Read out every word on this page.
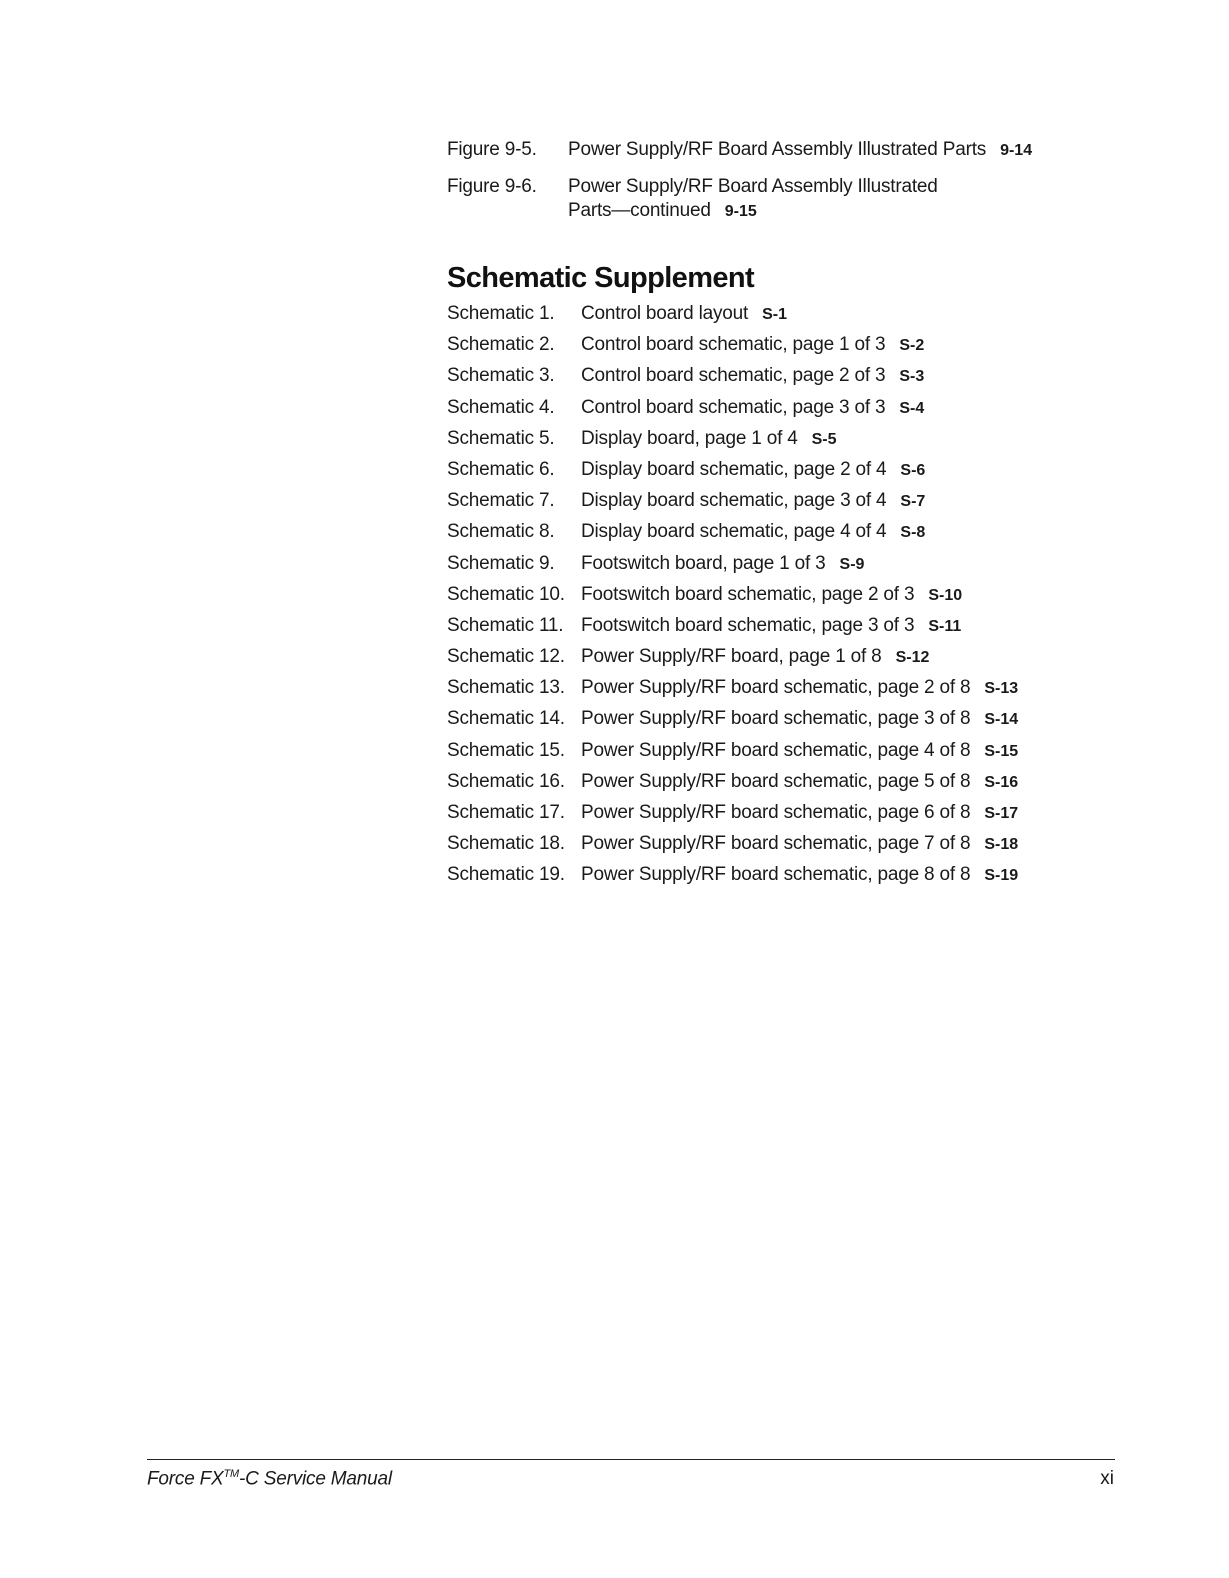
Figure 9-5.	Power Supply/RF Board Assembly Illustrated Parts 9-14
Figure 9-6.	Power Supply/RF Board Assembly Illustrated Parts—continued 9-15
Schematic Supplement
Schematic 1.	Control board layout S-1
Schematic 2.	Control board schematic, page 1 of 3 S-2
Schematic 3.	Control board schematic, page 2 of 3 S-3
Schematic 4.	Control board schematic, page 3 of 3 S-4
Schematic 5.	Display board, page 1 of 4 S-5
Schematic 6.	Display board schematic, page 2 of 4 S-6
Schematic 7.	Display board schematic, page 3 of 4 S-7
Schematic 8.	Display board schematic, page 4 of 4 S-8
Schematic 9.	Footswitch board, page 1 of 3 S-9
Schematic 10. Footswitch board schematic, page 2 of 3 S-10
Schematic 11. Footswitch board schematic, page 3 of 3 S-11
Schematic 12. Power Supply/RF board, page 1 of 8 S-12
Schematic 13. Power Supply/RF board schematic, page 2 of 8 S-13
Schematic 14. Power Supply/RF board schematic, page 3 of 8 S-14
Schematic 15. Power Supply/RF board schematic, page 4 of 8 S-15
Schematic 16. Power Supply/RF board schematic, page 5 of 8 S-16
Schematic 17. Power Supply/RF board schematic, page 6 of 8 S-17
Schematic 18. Power Supply/RF board schematic, page 7 of 8 S-18
Schematic 19. Power Supply/RF board schematic, page 8 of 8 S-19
Force FX™-C Service Manual	xi
